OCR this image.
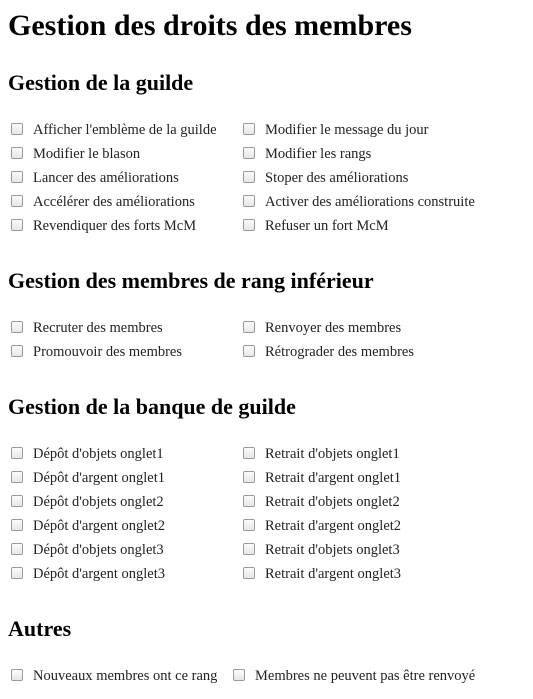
Gestion des droits des membres
Gestion de la guilde
Afficher l'emblème de la guilde	Modifier le message du jour
Modifier le blason	Modifier les rangs
Lancer des améliorations	Stoper des améliorations
Accélérer des améliorations	Activer des améliorations construite
Revendiquer des forts McM	Refuser un fort McM
Gestion des membres de rang inférieur
Recruter des membres	Renvoyer des membres
Promouvoir des membres	Rétrograder des membres
Gestion de la banque de guilde
Dépôt d'objets onglet1	Retrait d'objets onglet1
Dépôt d'argent onglet1	Retrait d'argent onglet1
Dépôt d'objets onglet2	Retrait d'objets onglet2
Dépôt d'argent onglet2	Retrait d'argent onglet2
Dépôt d'objets onglet3	Retrait d'objets onglet3
Dépôt d'argent onglet3	Retrait d'argent onglet3
Autres
Nouveaux membres ont ce rang	Membres ne peuvent pas être renvoyé
